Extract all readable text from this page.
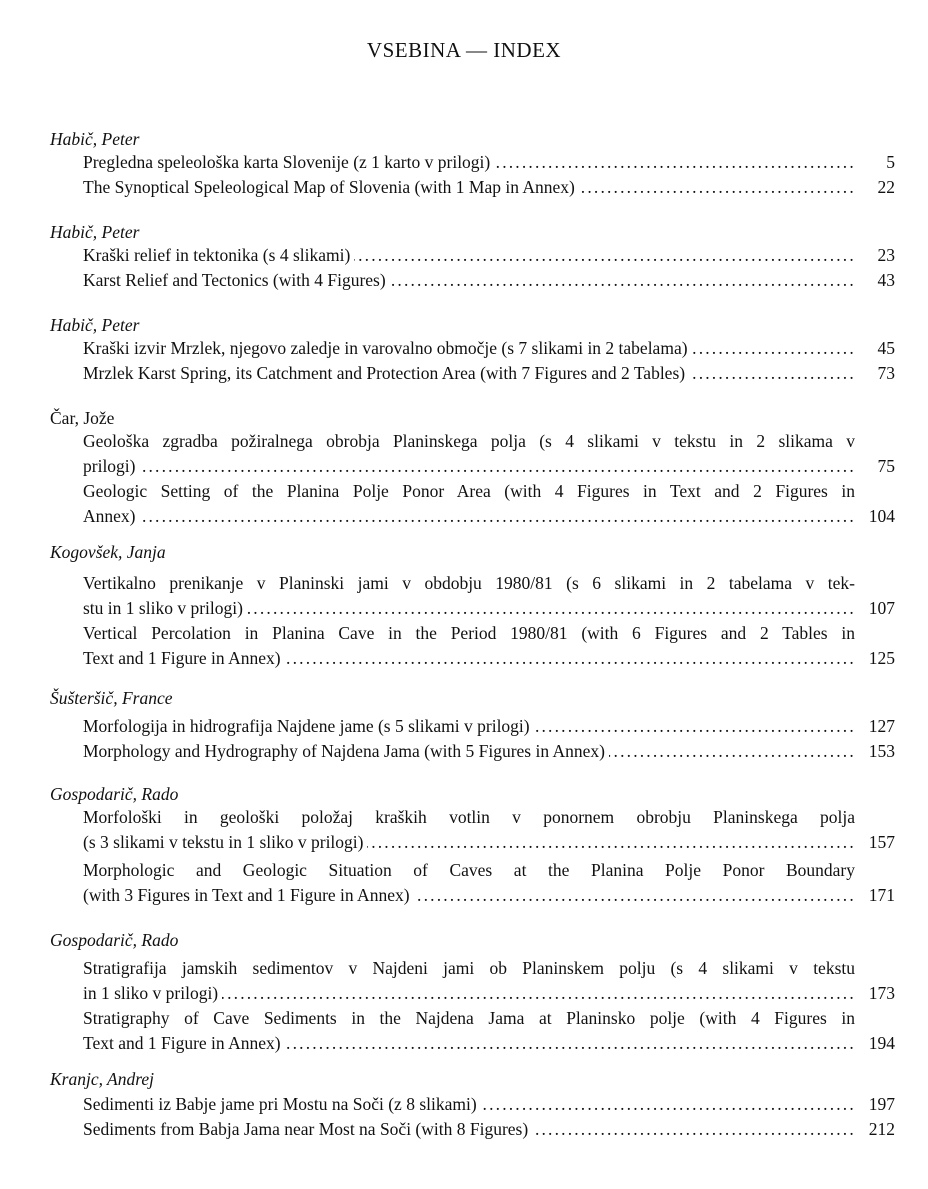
VSEBINA — INDEX
Habič, Peter
. . .
Pregledna speleološka karta Slovenije (z 1 karto v prilogi)	5
. . .
The Synoptical Speleological Map of Slovenia (with 1 Map in Annex)	22
Habič, Peter
. . .
Kraški relief in tektonika (s 4 slikami)	23
. . .
Karst Relief and Tectonics (with 4 Figures)	43
Habič, Peter
. . .
Kraški izvir Mrzlek, njegovo zaledje in varovalno območje (s 7 slikami in 2 tabelama)	45
. . .
Mrzlek Karst Spring, its Catchment and Protection Area (with 7 Figures and 2 Tables)	73
Čar, Jože
Geološka zgradba požiralnega obrobja Planinskega polja (s 4 slikami v tekstu in 2 slikama v
. . .
prilogi)	75
Geologic Setting of the Planina Polje Ponor Area (with 4 Figures in Text and 2 Figures in
. . .
Annex)	104
Kogovšek, Janja
Vertikalno prenikanje v Planinski jami v obdobju 1980/81 (s 6 slikami in 2 tabelama v tek-
. . .
stu in 1 sliko v prilogi)	107
Vertical Percolation in Planina Cave in the Period 1980/81 (with 6 Figures and 2 Tables in
. . .
Text and 1 Figure in Annex)	125
Šušteršič, France
. . .
Morfologija in hidrografija Najdene jame (s 5 slikami v prilogi)	127
. . .
Morphology and Hydrography of Najdena Jama (with 5 Figures in Annex)	153
Gospodarič, Rado
Morfološki in geološki položaj kraških votlin v ponornem obrobju Planinskega polja
. . .
(s 3 slikami v tekstu in 1 sliko v prilogi)	157
Morphologic and Geologic Situation of Caves at the Planina Polje Ponor Boundary
. . .
(with 3 Figures in Text and 1 Figure in Annex)	171
Gospodarič, Rado
Stratigrafija jamskih sedimentov v Najdeni jami ob Planinskem polju (s 4 slikami v tekstu
. . .
in 1 sliko v prilogi)	173
Stratigraphy of Cave Sediments in the Najdena Jama at Planinsko polje (with 4 Figures in
. . .
Text and 1 Figure in Annex)	194
Kranjc, Andrej
. . .
Sedimenti iz Babje jame pri Mostu na Soči (z 8 slikami)	197
. . .
Sediments from Babja Jama near Most na Soči (with 8 Figures)	212
